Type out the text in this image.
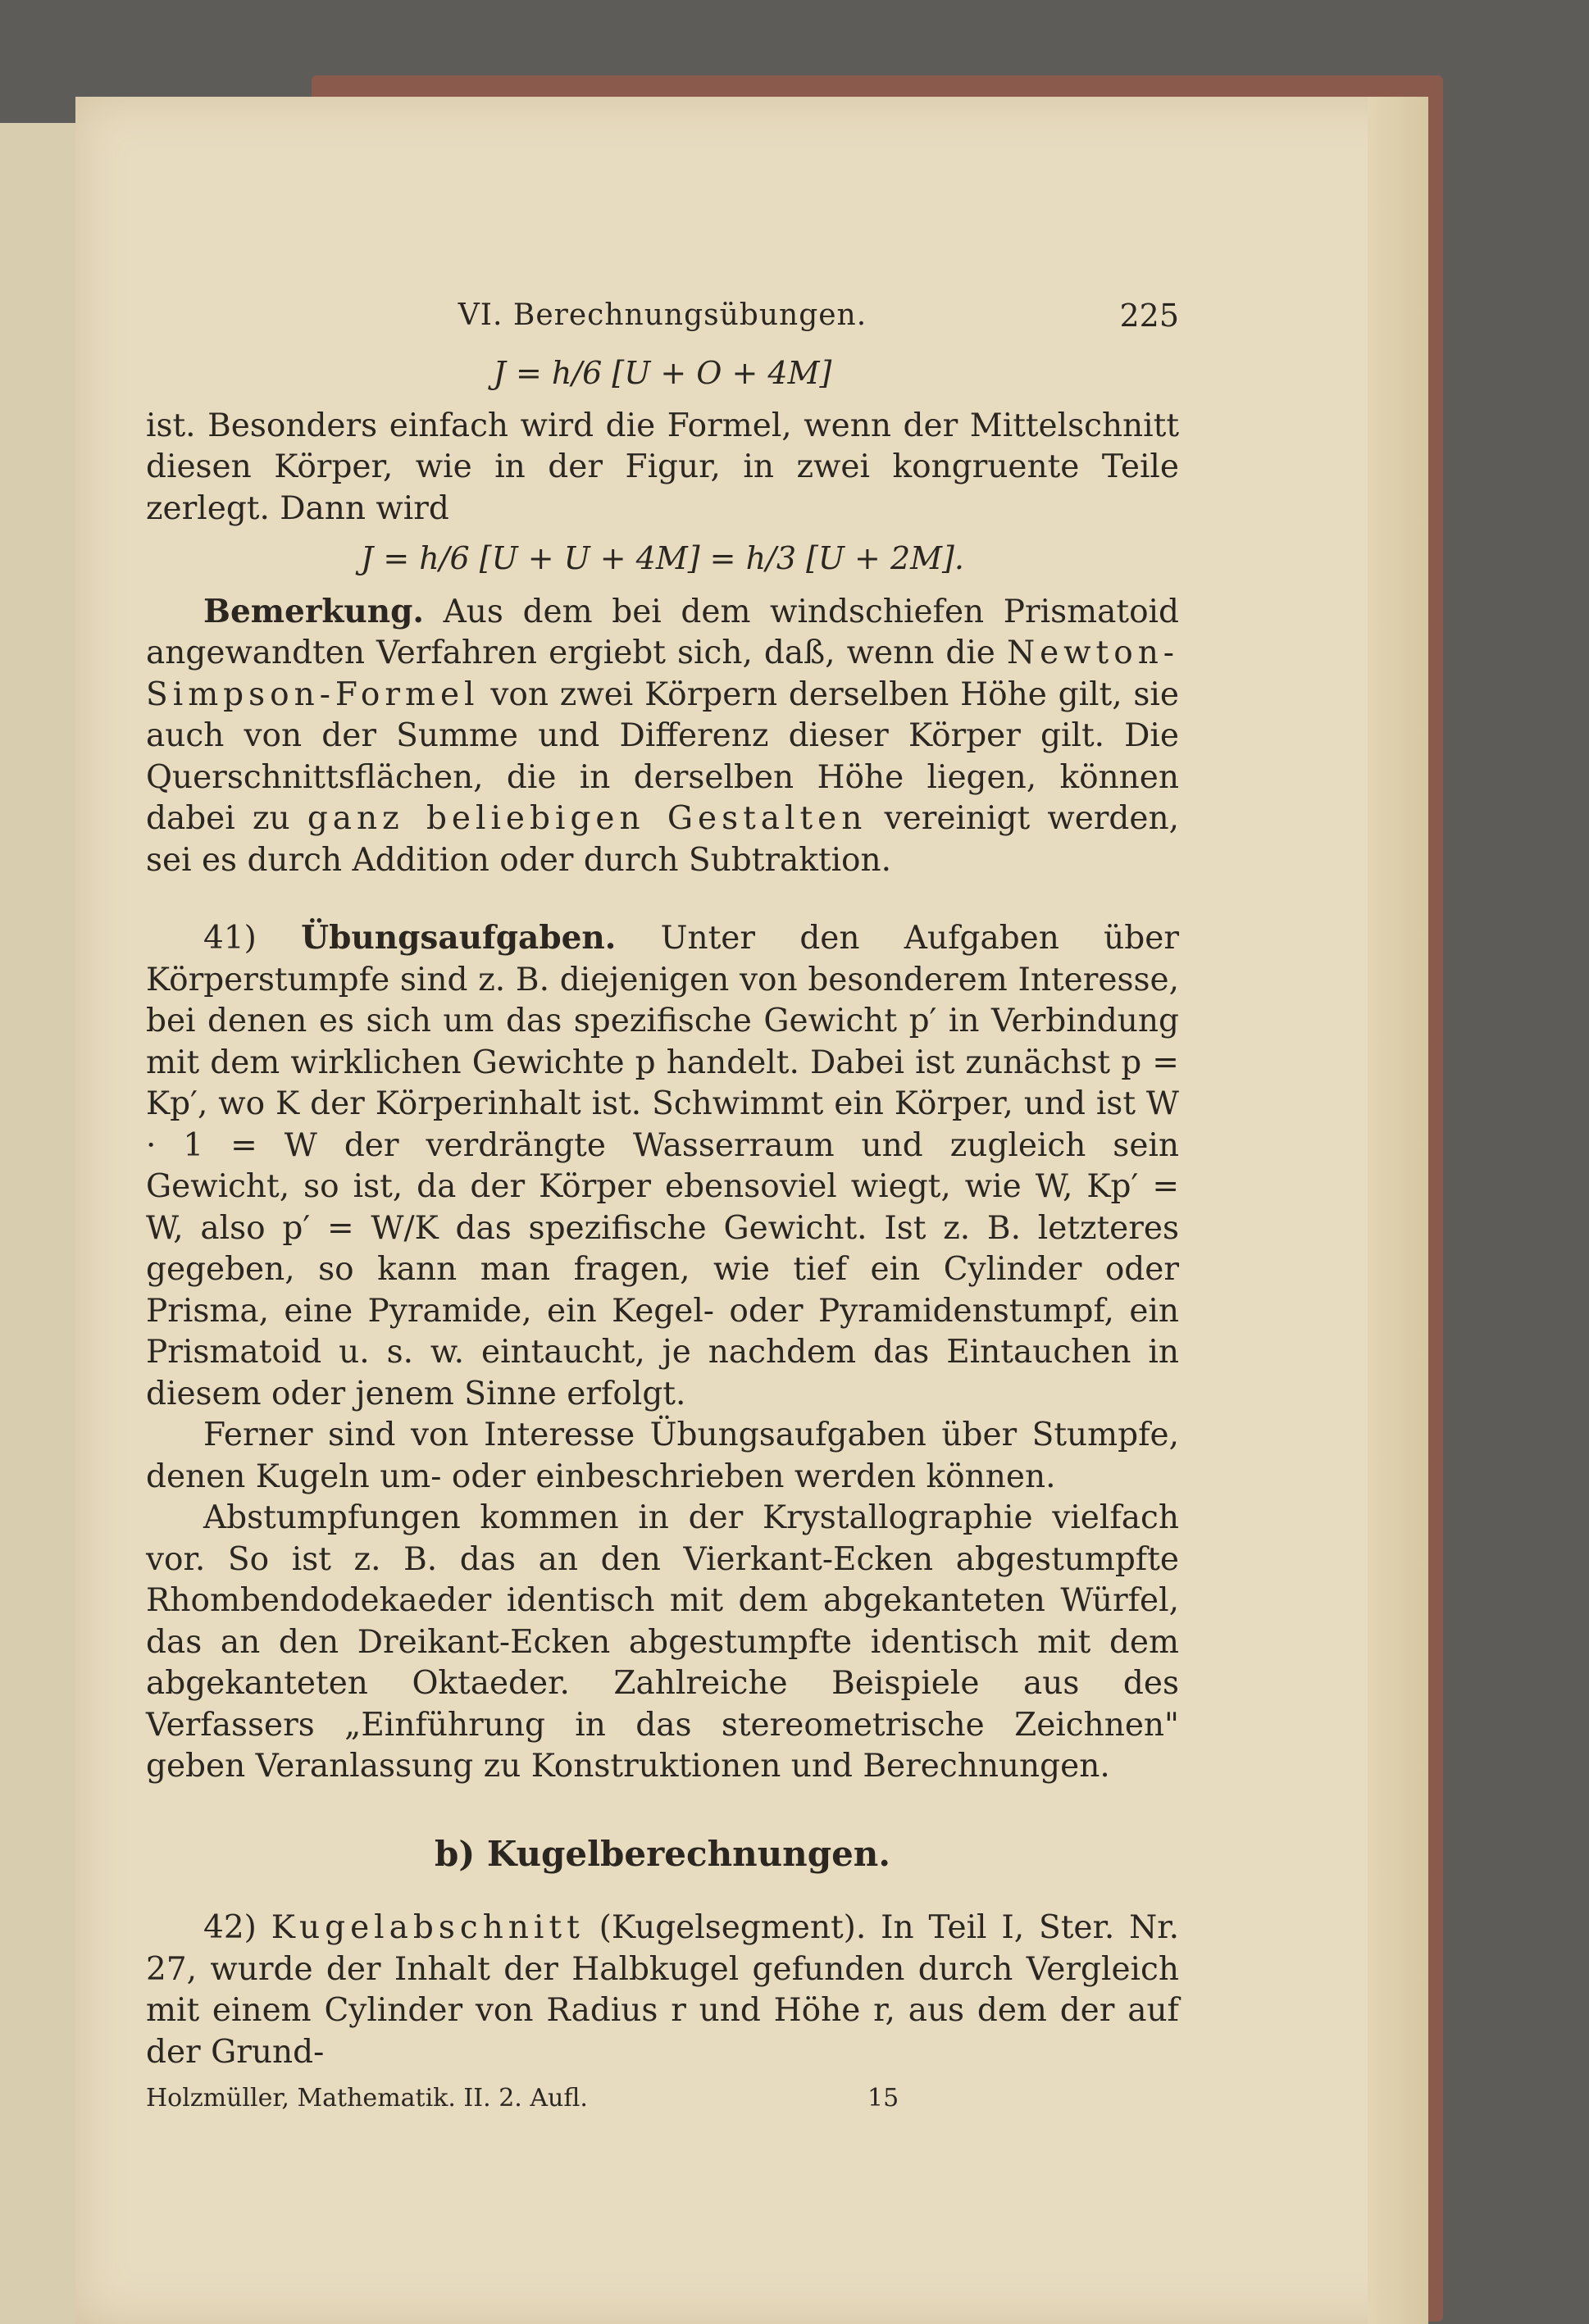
VI. Berechnungsübungen.	225
J = h/6 [U + O + 4M]

ist. Besonders einfach wird die Formel, wenn der Mittelschnitt diesen Körper, wie in der Figur, in zwei kongruente Teile zerlegt. Dann wird

J = h/6 [U + U + 4M] = h/3 [U + 2M].

Bemerkung. Aus dem bei dem windschiefen Prismatoid angewandten Verfahren ergiebt sich, daß, wenn die Newton-Simpson-Formel von zwei Körpern derselben Höhe gilt, sie auch von der Summe und Differenz dieser Körper gilt. Die Querschnittsflächen, die in derselben Höhe liegen, können dabei zu ganz beliebigen Gestalten vereinigt werden, sei es durch Addition oder durch Subtraktion.

41) Übungsaufgaben. Unter den Aufgaben über Körperstumpfe sind z. B. diejenigen von besonderem Interesse, bei denen es sich um das spezifische Gewicht p′ in Verbindung mit dem wirklichen Gewichte p handelt. Dabei ist zunächst p = Kp′, wo K der Körperinhalt ist. Schwimmt ein Körper, und ist W · 1 = W der verdrängte Wasserraum und zugleich sein Gewicht, so ist, da der Körper ebensoviel wiegt, wie W, Kp′ = W, also p′ = W/K das spezifische Gewicht. Ist z. B. letzteres gegeben, so kann man fragen, wie tief ein Cylinder oder Prisma, eine Pyramide, ein Kegel- oder Pyramidenstumpf, ein Prismatoid u. s. w. eintaucht, je nachdem das Eintauchen in diesem oder jenem Sinne erfolgt.

Ferner sind von Interesse Übungsaufgaben über Stumpfe, denen Kugeln um- oder einbeschrieben werden können.

Abstumpfungen kommen in der Krystallographie vielfach vor. So ist z. B. das an den Vierkant-Ecken abgestumpfte Rhombendodekaeder identisch mit dem abgekanteten Würfel, das an den Dreikant-Ecken abgestumpfte identisch mit dem abgekanteten Oktaeder. Zahlreiche Beispiele aus des Verfassers „Einführung in das stereometrische Zeichnen" geben Veranlassung zu Konstruktionen und Berechnungen.

b) Kugelberechnungen.

42) Kugelabschnitt (Kugelsegment). In Teil I, Ster. Nr. 27, wurde der Inhalt der Halbkugel gefunden durch Vergleich mit einem Cylinder von Radius r und Höhe r, aus dem der auf der Grund-

Holzmüller, Mathematik. II. 2. Aufl.	15
